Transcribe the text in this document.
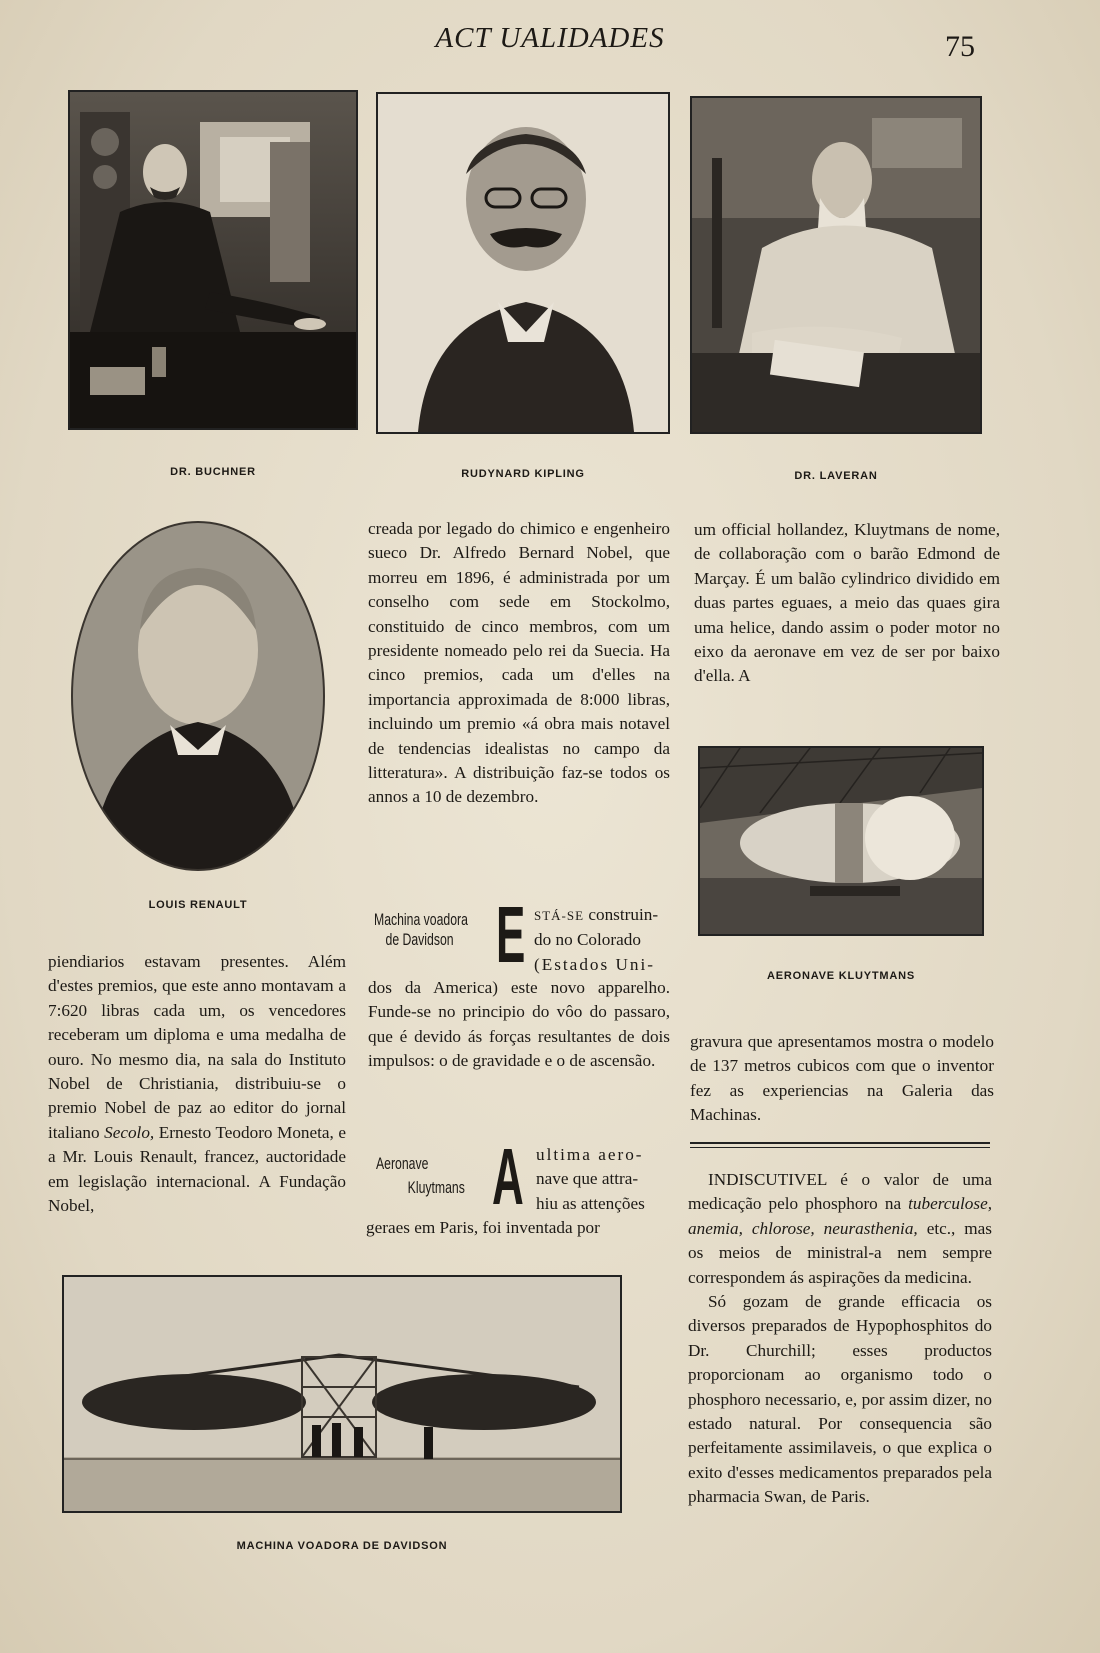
ACT UALIDADES	75
DR. BUCHNER	RUDYNARD KIPLING	DR. LAVERAN
LOUIS RENAULT

piendiarios estavam presentes. Além d'estes premios, que este anno montavam a 7:620 libras cada um, os vencedores receberam um diploma e uma medalha de ouro. No mesmo dia, na sala do Instituto Nobel de Christiania, distribuiu-se o premio Nobel de paz ao editor do jornal italiano Secolo, Ernesto Teodoro Moneta, e a Mr. Louis Renault, francez, auctoridade em legislação internacional. A Fundação Nobel,

creada por legado do chimico e engenheiro sueco Dr. Alfredo Bernard Nobel, que morreu em 1896, é administrada por um conselho com sede em Stockolmo, constituido de cinco membros, com um presidente nomeado pelo rei da Suecia. Ha cinco premios, cada um d'elles na importancia approximada de 8:000 libras, incluindo um premio «á obra mais notavel de tendencias idealistas no campo da litteratura». A distribuição faz-se todos os annos a 10 de dezembro.
Machina voadora
de Davidson E STÁ-SE construin-
do no Colorado
(Estados Uni-
dos da America) este novo apparelho. Funde-se no principio do vôo do passaro, que é devido ás forças resultantes de dois impulsos: o de gravidade e o de ascensão.
Aeronave
Kluytmans A ultima aero-
nave que attra-
hiu as attenções
geraes em Paris, foi inventada por
um official hollandez, Kluytmans de nome, de collaboração com o barão Edmond de Marçay. É um balão cylindrico dividido em duas partes eguaes, a meio das quaes gira uma helice, dando assim o poder motor no eixo da aeronave em vez de ser por baixo d'ella. A
AERONAVE KLUYTMANS
gravura que apresentamos mostra o modelo de 137 metros cubicos com que o inventor fez as experiencias na Galeria das Machinas.

INDISCUTIVEL é o valor de uma medicação pelo phosphoro na tuberculose, anemia, chlorose, neurasthenia, etc., mas os meios de ministral-a nem sempre correspondem ás aspirações da medicina.

Só gozam de grande efficacia os diversos preparados de Hypophosphitos do Dr. Churchill; esses productos proporcionam ao organismo todo o phosphoro necessario, e, por assim dizer, no estado natural. Por consequencia são perfeitamente assimilaveis, o que explica o exito d'esses medicamentos preparados pela pharmacia Swan, de Paris.

MACHINA VOADORA DE DAVIDSON
